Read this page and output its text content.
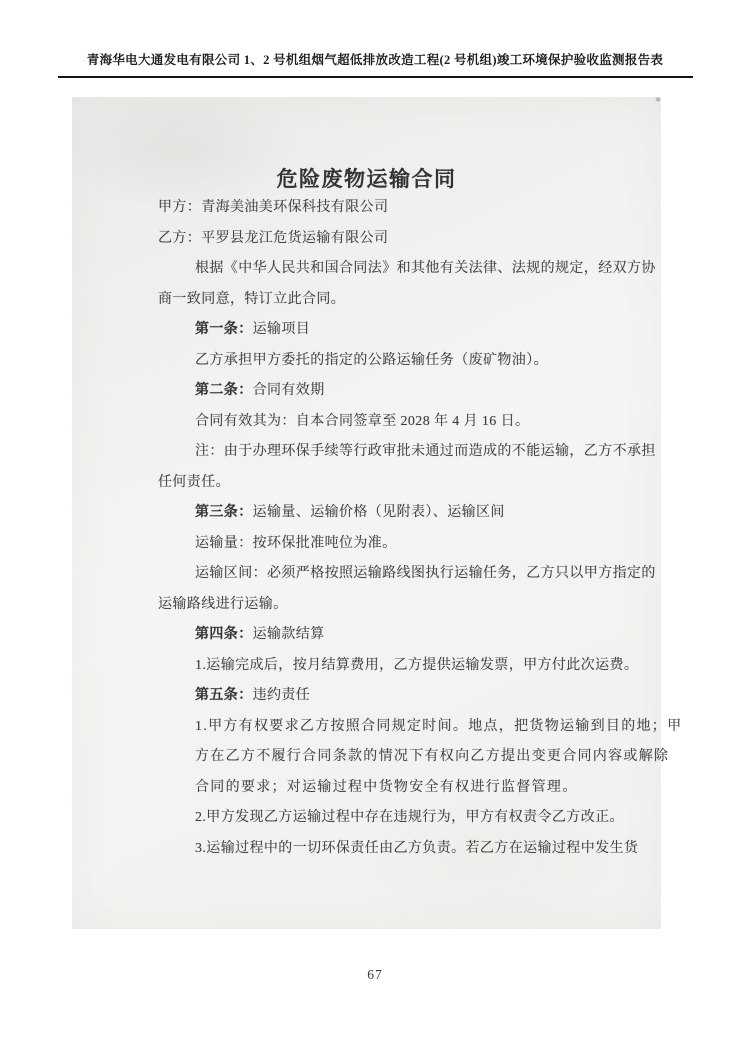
青海华电大通发电有限公司 1、2 号机组烟气超低排放改造工程(2 号机组)竣工环境保护验收监测报告表
危险废物运输合同
甲方：青海美油美环保科技有限公司
乙方：平罗县龙江危货运输有限公司
根据《中华人民共和国合同法》和其他有关法律、法规的规定，经双方协
商一致同意，特订立此合同。
第一条：运输项目
乙方承担甲方委托的指定的公路运输任务（废矿物油）。
第二条：合同有效期
合同有效其为：自本合同签章至 2028 年 4 月 16 日。
注：由于办理环保手续等行政审批未通过而造成的不能运输，乙方不承担
任何责任。
第三条：运输量、运输价格（见附表）、运输区间
运输量：按环保批准吨位为准。
运输区间：必须严格按照运输路线图执行运输任务，乙方只以甲方指定的
运输路线进行运输。
第四条：运输款结算
1.运输完成后，按月结算费用，乙方提供运输发票，甲方付此次运费。
第五条：违约责任
1.甲方有权要求乙方按照合同规定时间。地点，把货物运输到目的地；甲
方在乙方不履行合同条款的情况下有权向乙方提出变更合同内容或解除
合同的要求；对运输过程中货物安全有权进行监督管理。
2.甲方发现乙方运输过程中存在违规行为，甲方有权责令乙方改正。
3.运输过程中的一切环保责任由乙方负责。若乙方在运输过程中发生货
67
